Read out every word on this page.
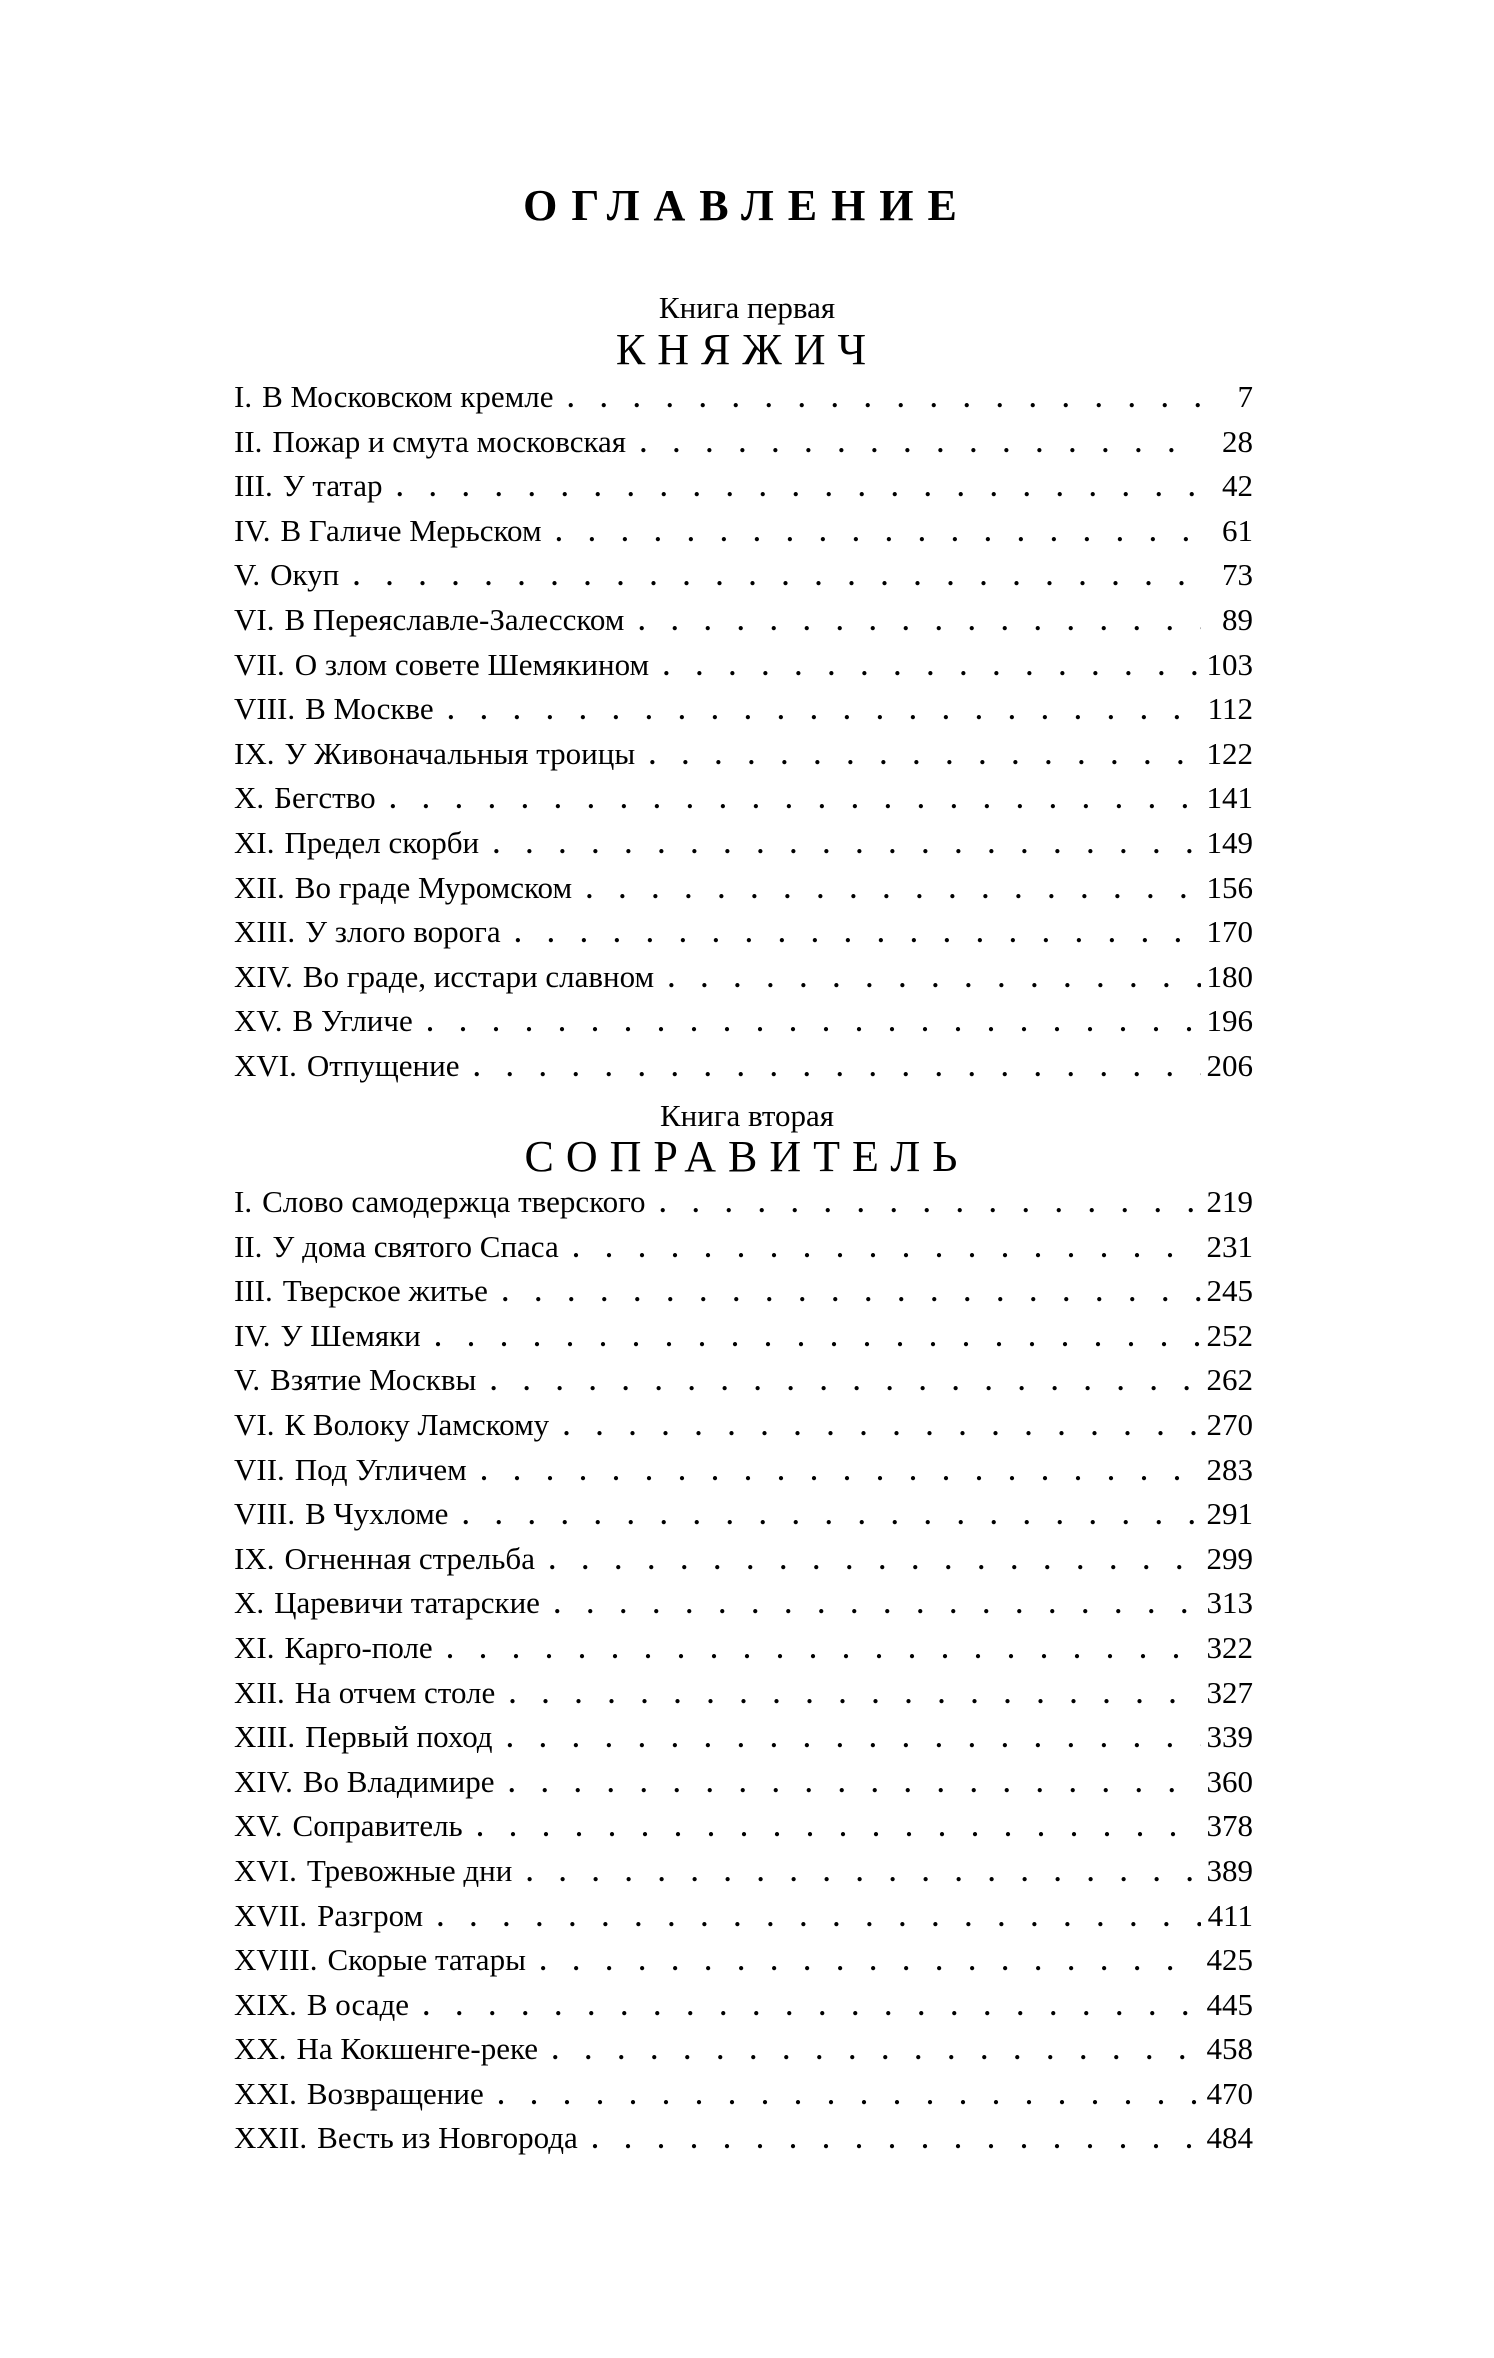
ОГЛАВЛЕНИЕ
Книга первая
КНЯЖИЧ
I. В Московском кремле . . .	7
II. Пожар и смута московская . . .	28
III. У татар . . .	42
IV. В Галиче Мерьском . . .	61
V. Окуп . . .	73
VI. В Переяславле-Залесском . . .	89
VII. О злом совете Шемякином . . .	103
VIII. В Москве . . .	112
IX. У Живоначальныя троицы . . .	122
X. Бегство . . .	141
XI. Предел скорби . . .	149
XII. Во граде Муромском . . .	156
XIII. У злого ворога . . .	170
XIV. Во граде, исстари славном . . .	180
XV. В Угличе . . .	196
XVI. Отпущение . . .	206
Книга вторая
СОПРАВИТЕЛЬ
I. Слово самодержца тверского . . .	219
II. У дома святого Спаса . . .	231
III. Тверское житье . . .	245
IV. У Шемяки . . .	252
V. Взятие Москвы . . .	262
VI. К Волоку Ламскому . . .	270
VII. Под Угличем . . .	283
VIII. В Чухломе . . .	291
IX. Огненная стрельба . . .	299
X. Царевичи татарские . . .	313
XI. Карго-поле . . .	322
XII. На отчем столе . . .	327
XIII. Первый поход . . .	339
XIV. Во Владимире . . .	360
XV. Соправитель . . .	378
XVI. Тревожные дни . . .	389
XVII. Разгром . . .	411
XVIII. Скорые татары . . .	425
XIX. В осаде . . .	445
XX. На Кокшенге-реке . . .	458
XXI. Возвращение . . .	470
XXII. Весть из Новгорода . . .	484
